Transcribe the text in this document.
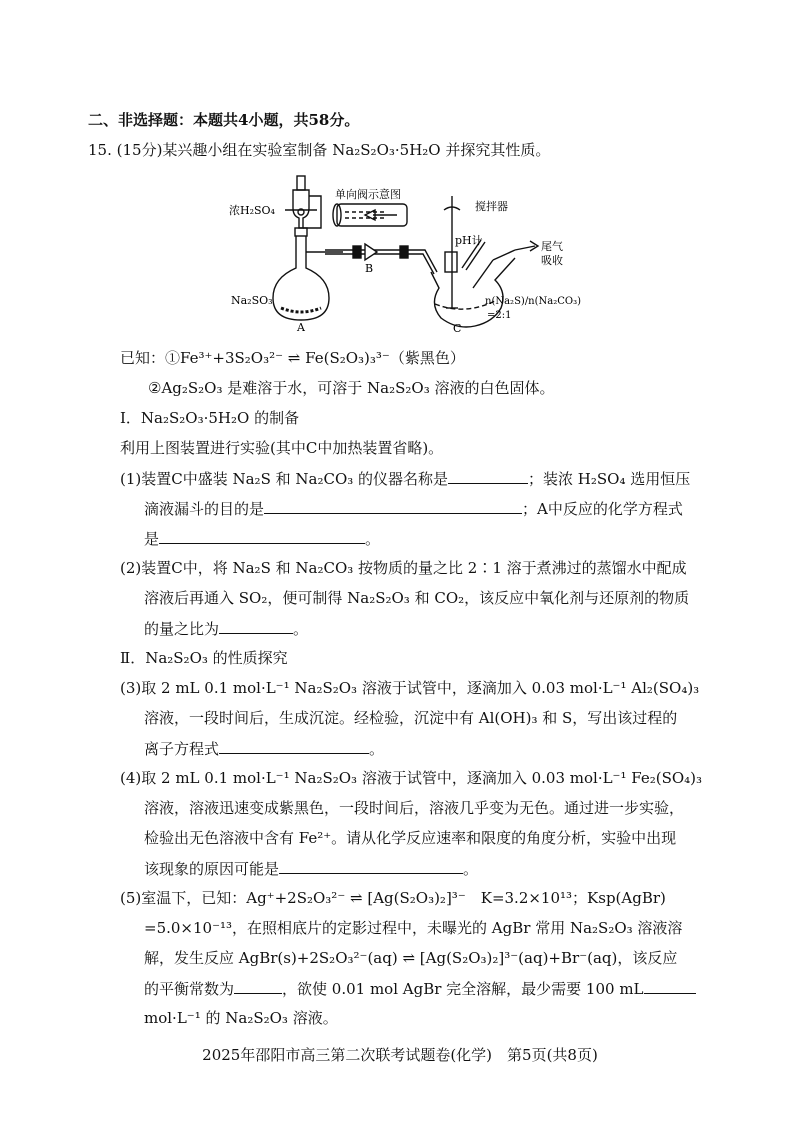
二、非选择题：本题共4小题，共58分。
15. (15分)某兴趣小组在实验室制备 Na₂S₂O₃·5H₂O 并探究其性质。
浓H₂SO₄
Na₂SO₃
A
B
C
单向阀示意图
搅拌器
pH计	尾气
吸收
n(Na₂S)/n(Na₂CO₃)
=2:1
已知：①Fe³⁺+3S₂O₃²⁻ ⇌ Fe(S₂O₃)₃³⁻（紫黑色）
②Ag₂S₂O₃ 是难溶于水，可溶于 Na₂S₂O₃ 溶液的白色固体。
Ⅰ．Na₂S₂O₃·5H₂O 的制备
利用上图装置进行实验(其中C中加热装置省略)。
(1)装置C中盛装 Na₂S 和 Na₂CO₃ 的仪器名称是	；装浓 H₂SO₄ 选用恒压
滴液漏斗的目的是	；A中反应的化学方程式
是	。
(2)装置C中，将 Na₂S 和 Na₂CO₃ 按物质的量之比 2∶1 溶于煮沸过的蒸馏水中配成
溶液后再通入 SO₂，便可制得 Na₂S₂O₃ 和 CO₂，该反应中氧化剂与还原剂的物质
的量之比为	。
Ⅱ．Na₂S₂O₃ 的性质探究
(3)取 2 mL 0.1 mol·L⁻¹ Na₂S₂O₃ 溶液于试管中，逐滴加入 0.03 mol·L⁻¹ Al₂(SO₄)₃
溶液，一段时间后，生成沉淀。经检验，沉淀中有 Al(OH)₃ 和 S，写出该过程的
离子方程式	。
(4)取 2 mL 0.1 mol·L⁻¹ Na₂S₂O₃ 溶液于试管中，逐滴加入 0.03 mol·L⁻¹ Fe₂(SO₄)₃
溶液，溶液迅速变成紫黑色，一段时间后，溶液几乎变为无色。通过进一步实验，
检验出无色溶液中含有 Fe²⁺。请从化学反应速率和限度的角度分析，实验中出现
该现象的原因可能是	。
(5)室温下，已知：Ag⁺+2S₂O₃²⁻ ⇌ [Ag(S₂O₃)₂]³⁻　K=3.2×10¹³；Ksp(AgBr)
=5.0×10⁻¹³，在照相底片的定影过程中，未曝光的 AgBr 常用 Na₂S₂O₃ 溶液溶
解，发生反应 AgBr(s)+2S₂O₃²⁻(aq) ⇌ [Ag(S₂O₃)₂]³⁻(aq)+Br⁻(aq)，该反应
的平衡常数为	，欲使 0.01 mol AgBr 完全溶解，最少需要 100 mL
mol·L⁻¹ 的 Na₂S₂O₃ 溶液。
2025年邵阳市高三第二次联考试题卷(化学)　第5页(共8页)
